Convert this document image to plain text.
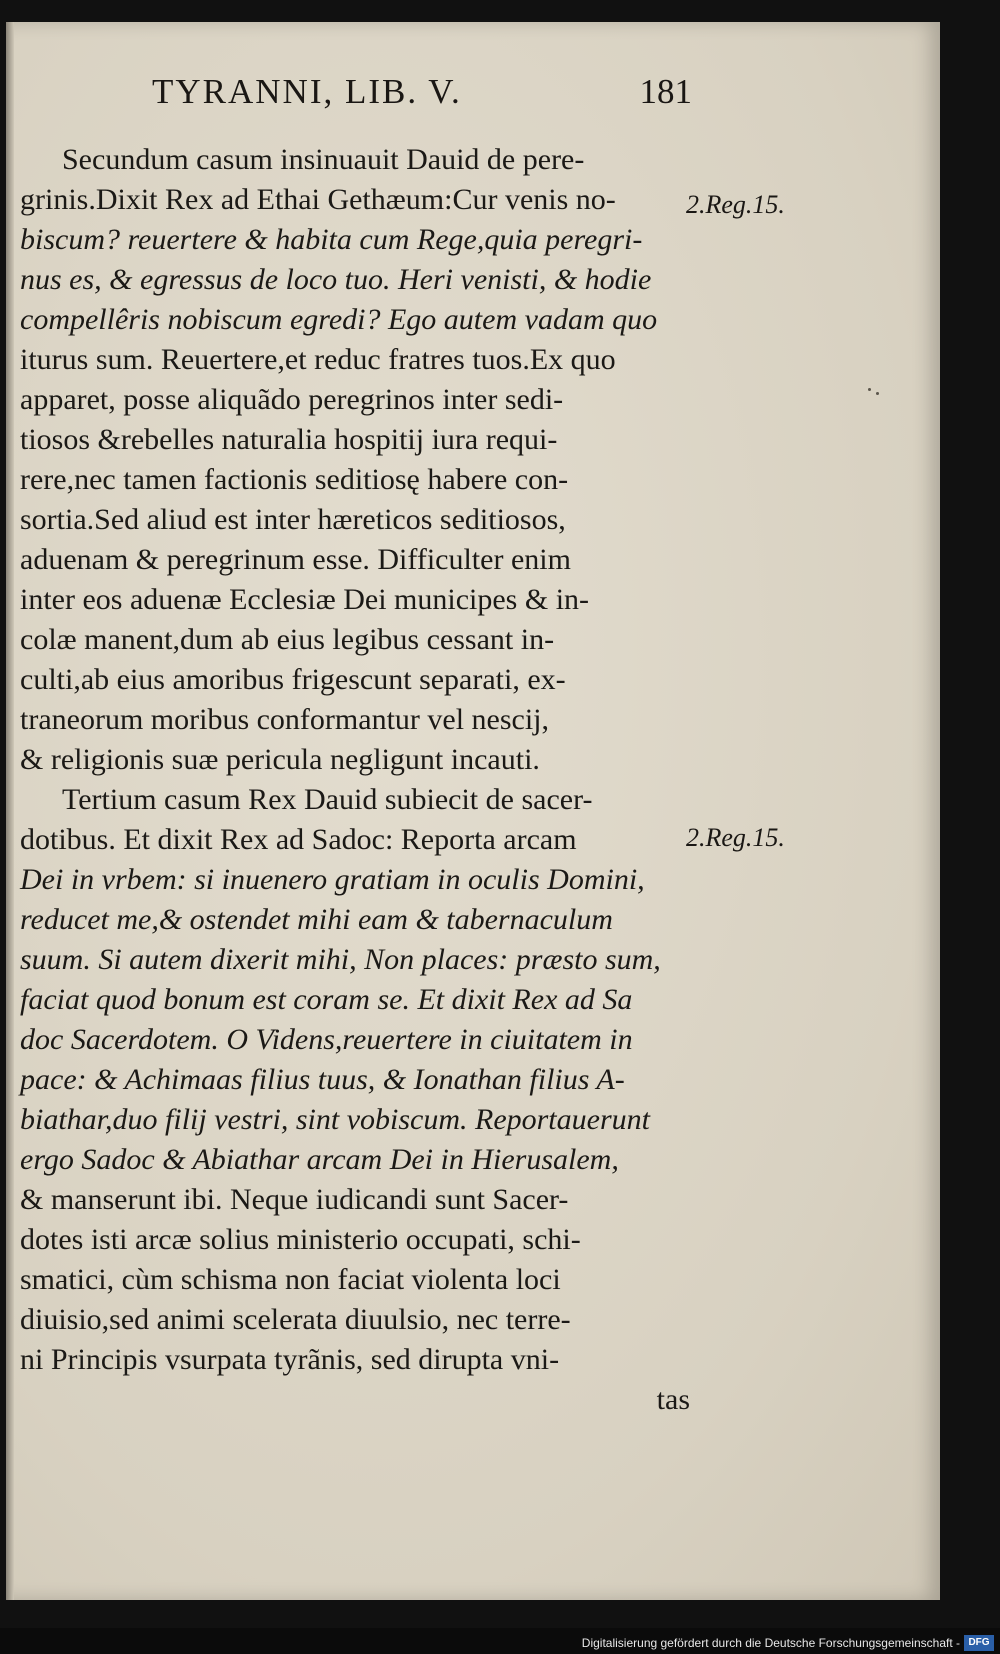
TYRANNI, LIB. V.	181
Secundum casum insinuauit Dauid de pere-
grinis.Dixit Rex ad Ethai Gethæum:Cur venis no-
biscum? reuertere & habita cum Rege,quia peregri-
nus es, & egressus de loco tuo. Heri venisti, & hodie
compellêris nobiscum egredi? Ego autem vadam quo
iturus sum. Reuertere,et reduc fratres tuos.Ex quo
apparet, posse aliquãdo peregrinos inter sedi-
tiosos &rebelles naturalia hospitij iura requi-
rere,nec tamen factionis seditiosę habere con-
sortia.Sed aliud est inter hæreticos seditiosos,
aduenam & peregrinum esse. Difficulter enim
inter eos aduenæ Ecclesiæ Dei municipes & in-
colæ manent,dum ab eius legibus cessant in-
culti,ab eius amoribus frigescunt separati, ex-
traneorum moribus conformantur vel nescij,
& religionis suæ pericula negligunt incauti.
Tertium casum Rex Dauid subiecit de sacer-
dotibus. Et dixit Rex ad Sadoc: Reporta arcam
Dei in vrbem: si inuenero gratiam in oculis Domini,
reducet me,& ostendet mihi eam & tabernaculum
suum. Si autem dixerit mihi, Non places: præsto sum,
faciat quod bonum est coram se. Et dixit Rex ad Sa
doc Sacerdotem. O Videns,reuertere in ciuitatem in
pace: & Achimaas filius tuus, & Ionathan filius A-
biathar,duo filij vestri, sint vobiscum. Reportauerunt
ergo Sadoc & Abiathar arcam Dei in Hierusalem,
& manserunt ibi. Neque iudicandi sunt Sacer-
dotes isti arcæ solius ministerio occupati, schi-
smatici, cùm schisma non faciat violenta loci
diuisio,sed animi scelerata diuulsio, nec terre-
ni Principis vsurpata tyrãnis, sed dirupta vni-
tas
2.Reg.15.
2.Reg.15.
Digitalisierung gefördert durch die Deutsche Forschungsgemeinschaft - DFG
